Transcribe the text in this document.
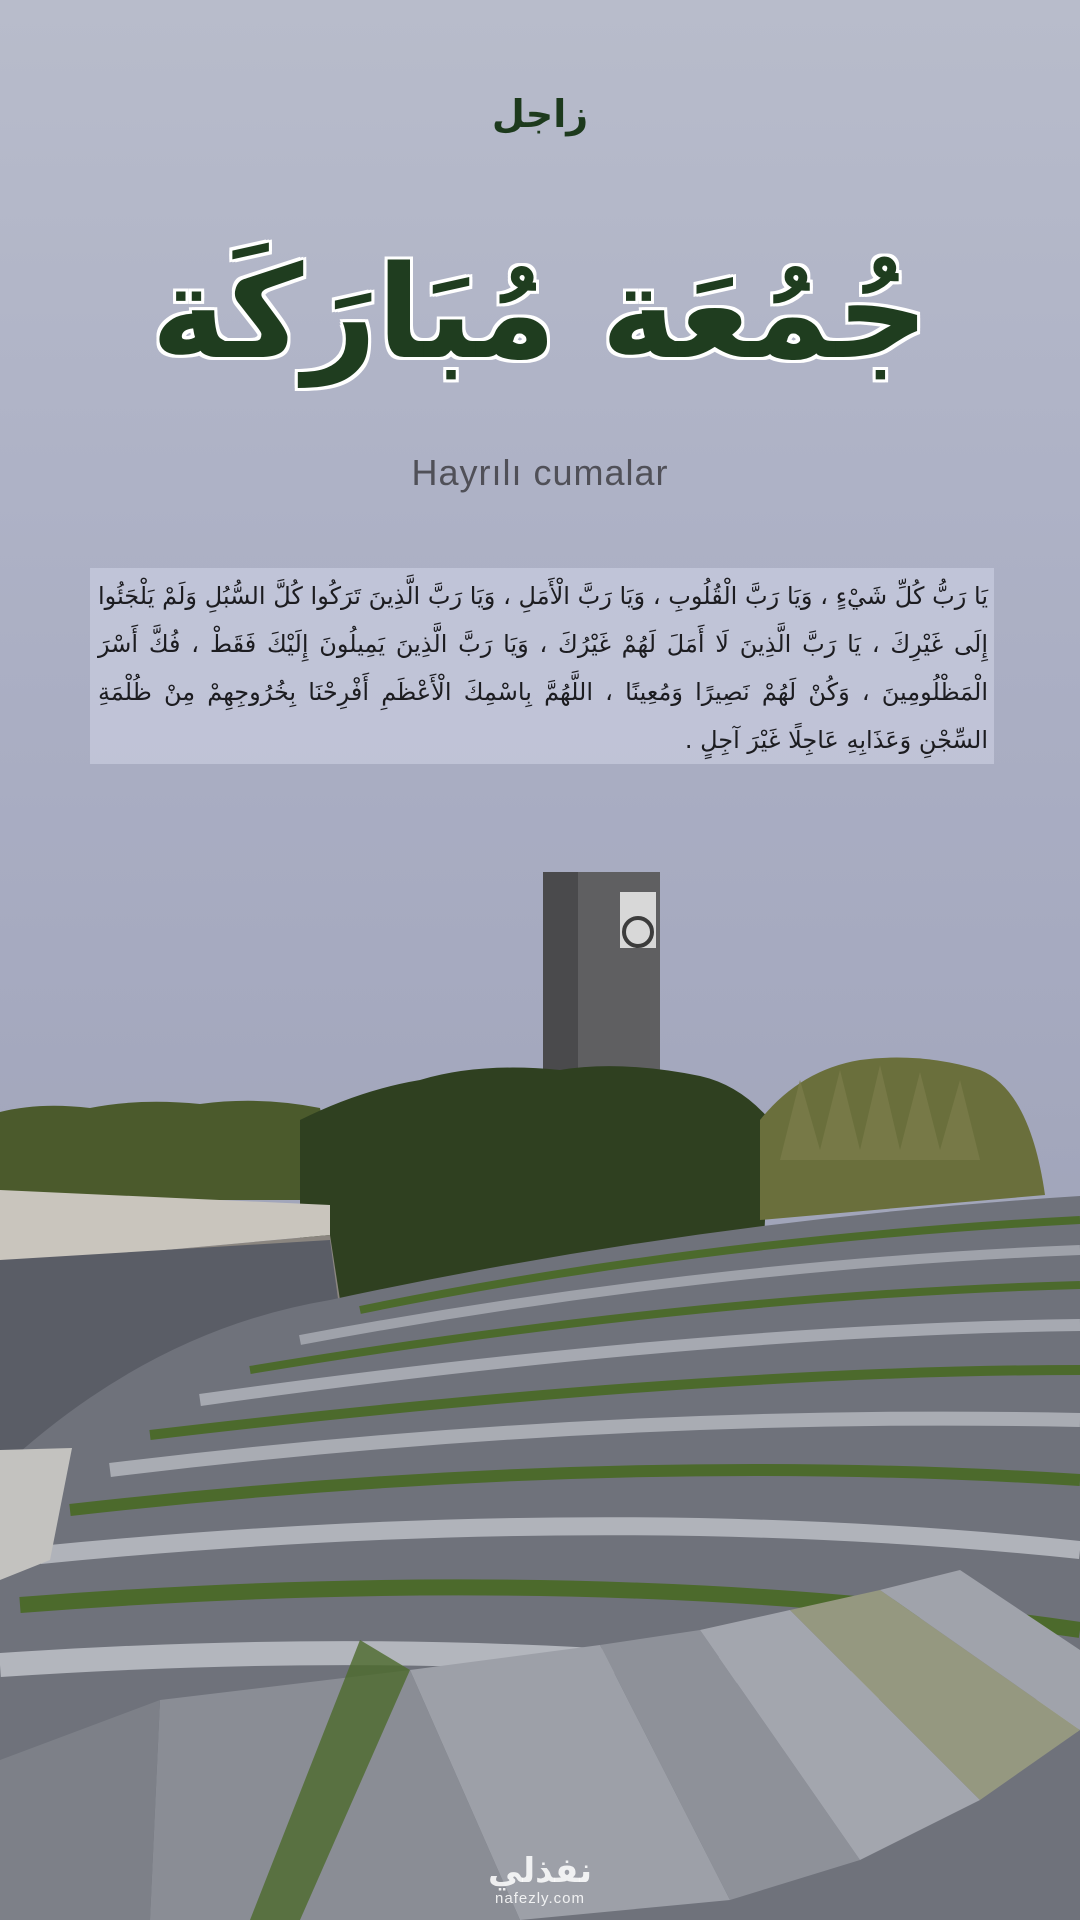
زاجل
جُمُعَة مُبَارَكَة
Hayrılı cumalar
يَا رَبُّ كُلِّ شَيْءٍ ، وَيَا رَبَّ الْقُلُوبِ ، وَيَا رَبَّ الْأَمَلِ ، وَيَا رَبَّ الَّذِينَ تَرَكُوا كُلَّ السُّبُلِ وَلَمْ يَلْجَئُوا إِلَى غَيْرِكَ ، يَا رَبَّ الَّذِينَ لَا أَمَلَ لَهُمْ غَيْرُكَ ، وَيَا رَبَّ الَّذِينَ يَمِيلُونَ إِلَيْكَ فَقَطْ ، فُكَّ أَسْرَ الْمَظْلُومِينَ ، وَكُنْ لَهُمْ نَصِيرًا وَمُعِينًا ، اللَّهُمَّ بِاسْمِكَ الْأَعْظَمِ أَفْرِحْنَا بِخُرُوجِهِمْ مِنْ ظُلْمَةِ السِّجْنِ وَعَذَابِهِ عَاجِلًا غَيْرَ آجِلٍ .
نفذلي
nafezly.com
